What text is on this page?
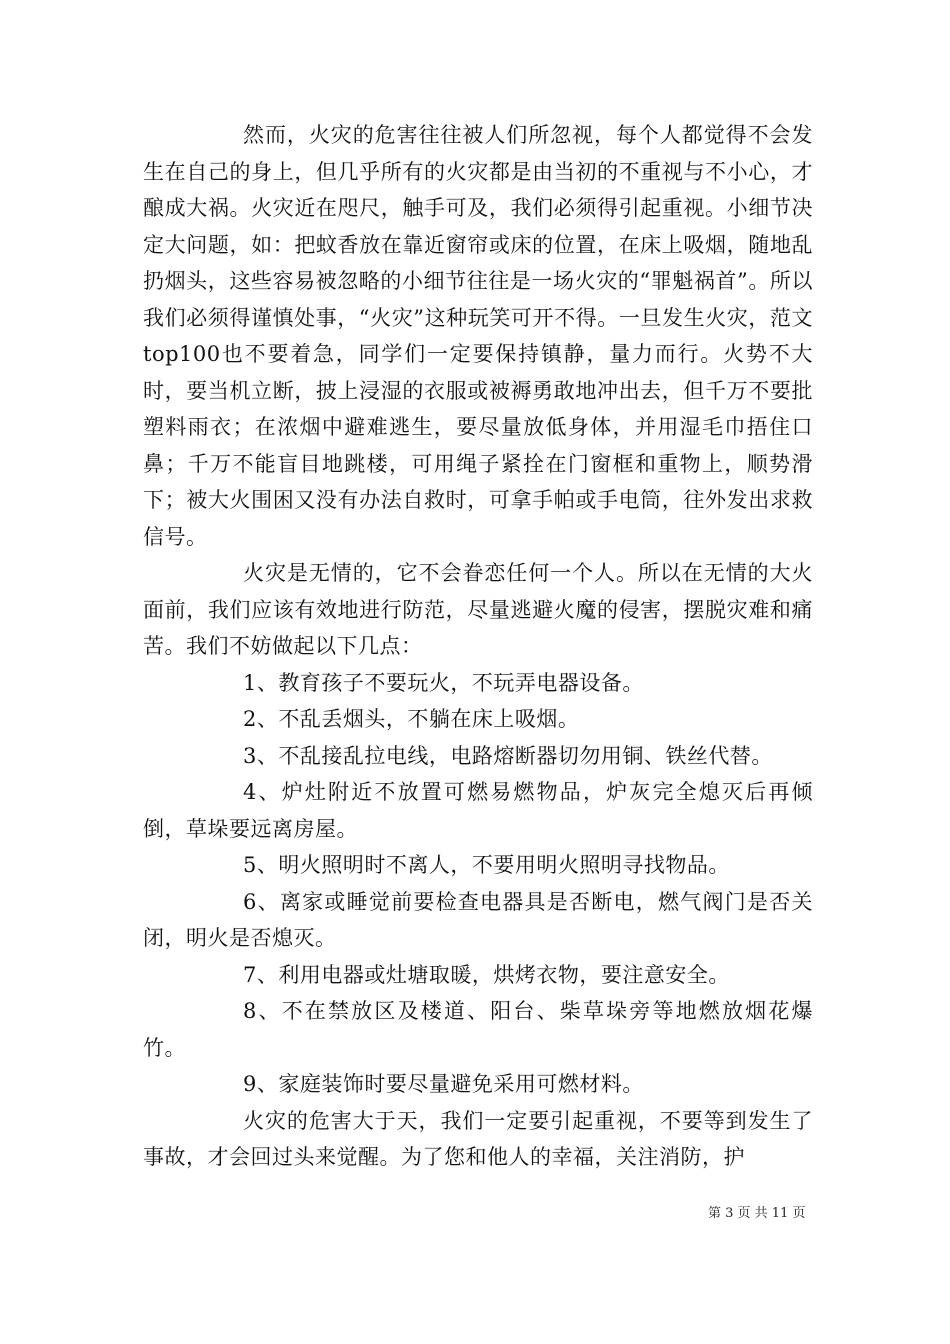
然而，火灾的危害往往被人们所忽视，每个人都觉得不会发生在自己的身上，但几乎所有的火灾都是由当初的不重视与不小心，才酿成大祸。火灾近在咫尺，触手可及，我们必须得引起重视。小细节决定大问题，如：把蚊香放在靠近窗帘或床的位置，在床上吸烟，随地乱扔烟头，这些容易被忽略的小细节往往是一场火灾的“罪魁祸首”。所以我们必须得谨慎处事，“火灾”这种玩笑可开不得。一旦发生火灾，范文top100也不要着急，同学们一定要保持镇静，量力而行。火势不大时，要当机立断，披上浸湿的衣服或被褥勇敢地冲出去，但千万不要批塑料雨衣；在浓烟中避难逃生，要尽量放低身体，并用湿毛巾捂住口鼻；千万不能盲目地跳楼，可用绳子紧拴在门窗框和重物上，顺势滑下；被大火围困又没有办法自救时，可拿手帕或手电筒，往外发出求救信号。

火灾是无情的，它不会眷恋任何一个人。所以在无情的大火面前，我们应该有效地进行防范，尽量逃避火魔的侵害，摆脱灾难和痛苦。我们不妨做起以下几点：

1、教育孩子不要玩火，不玩弄电器设备。

2、不乱丢烟头，不躺在床上吸烟。

3、不乱接乱拉电线，电路熔断器切勿用铜、铁丝代替。

4、炉灶附近不放置可燃易燃物品，炉灰完全熄灭后再倾倒，草垛要远离房屋。

5、明火照明时不离人，不要用明火照明寻找物品。

6、离家或睡觉前要检查电器具是否断电，燃气阀门是否关闭，明火是否熄灭。

7、利用电器或灶塘取暖，烘烤衣物，要注意安全。

8、不在禁放区及楼道、阳台、柴草垛旁等地燃放烟花爆竹。

9、家庭装饰时要尽量避免采用可燃材料。

火灾的危害大于天，我们一定要引起重视，不要等到发生了事故，才会回过头来觉醒。为了您和他人的幸福，关注消防，护

第 3 页 共 11 页
